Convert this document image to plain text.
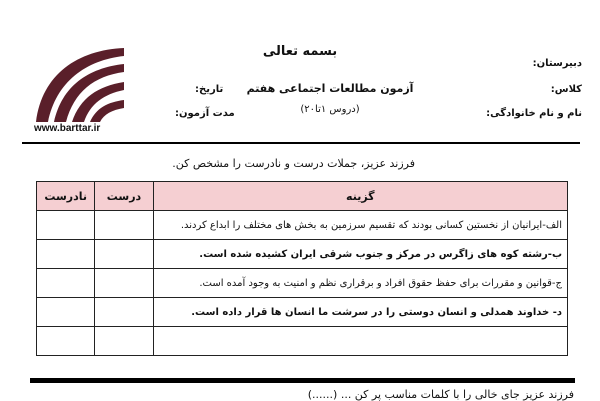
بسمه تعالی
آزمون مطالعات اجتماعی هفتم
(دروس ۱تا۲۰)
دبیرستان:
کلاس:
نام و نام خانوادگی:
تاریخ:
مدت آزمون:
www.barttar.ir
فرزند عزیز، جملات درست و نادرست را مشخص کن.
گزینه	درست	نادرست
الف-ایرانیان از نخستین کسانی بودند که تقسیم سرزمین به بخش های مختلف را ابداع کردند.		
ب-رشته کوه های زاگرس در مرکز و جنوب شرقی ایران کشیده شده است.		
ج-قوانین و مقررات برای حفظ حقوق افراد و برقراری نظم و امنیت به وجود آمده است.		
د- خداوند همدلی و انسان دوستی را در سرشت ما انسان ها قرار داده است.		

فرزند عزیز جای خالی را با کلمات مناسب پر کن ... (......)
